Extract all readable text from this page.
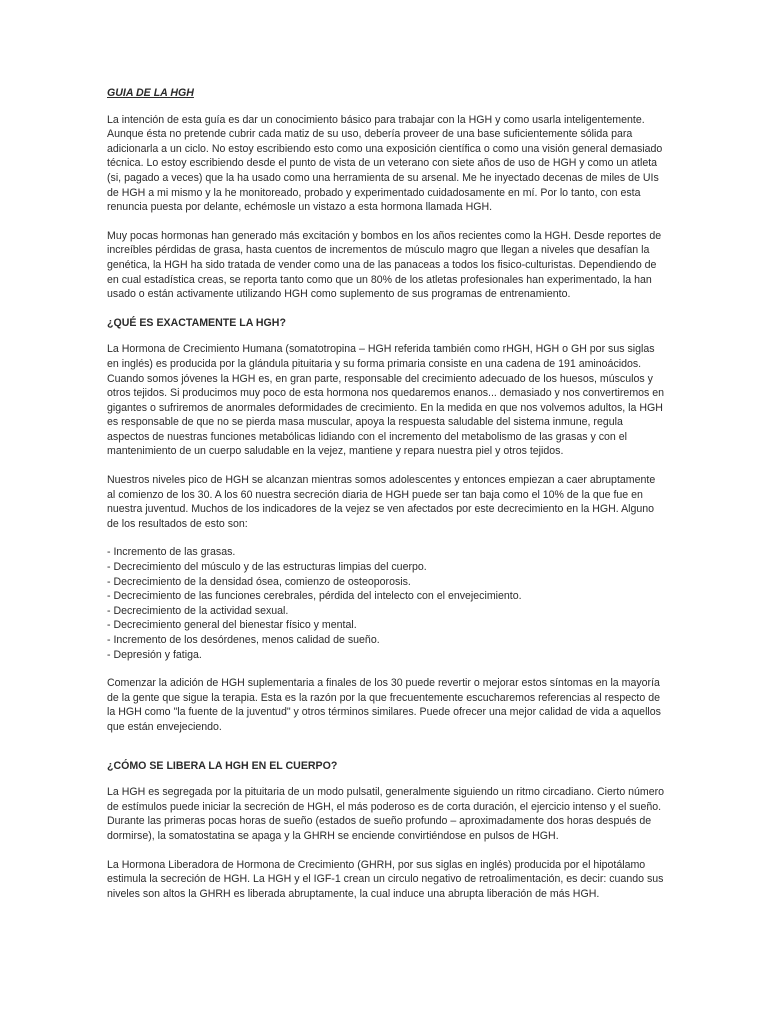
GUIA DE LA HGH

La intención de esta guía es dar un conocimiento básico para trabajar con la HGH y como usarla inteligentemente. Aunque ésta no pretende cubrir cada matiz de su uso, debería proveer de una base suficientemente sólida para adicionarla a un ciclo. No estoy escribiendo esto como una exposición científica o como una visión general demasiado técnica. Lo estoy escribiendo desde el punto de vista de un veterano con siete años de uso de HGH y como un atleta (si, pagado a veces) que la ha usado como una herramienta de su arsenal. Me he inyectado decenas de miles de UIs de HGH a mi mismo y la he monitoreado, probado y experimentado cuidadosamente en mí. Por lo tanto, con esta renuncia puesta por delante, echémosle un vistazo a esta hormona llamada HGH.

Muy pocas hormonas han generado más excitación y bombos en los años recientes como la HGH. Desde reportes de increíbles pérdidas de grasa, hasta cuentos de incrementos de músculo magro que llegan a niveles que desafían la genética, la HGH ha sido tratada de vender como una de las panaceas a todos los fisico-culturistas. Dependiendo de en cual estadística creas, se reporta tanto como que un 80% de los atletas profesionales han experimentado, la han usado o están activamente utilizando HGH como suplemento de sus programas de entrenamiento.

¿QUÉ ES EXACTAMENTE LA HGH?

La Hormona de Crecimiento Humana (somatotropina – HGH referida también como rHGH, HGH o GH por sus siglas en inglés) es producida por la glándula pituitaria y su forma primaria consiste en una cadena de 191 aminoácidos. Cuando somos jóvenes la HGH es, en gran parte, responsable del crecimiento adecuado de los huesos, músculos y otros tejidos. Si producimos muy poco de esta hormona nos quedaremos enanos... demasiado y nos convertiremos en gigantes o sufriremos de anormales deformidades de crecimiento. En la medida en que nos volvemos adultos, la HGH es responsable de que no se pierda masa muscular, apoya la respuesta saludable del sistema inmune, regula aspectos de nuestras funciones metabólicas lidiando con el incremento del metabolismo de las grasas y con el mantenimiento de un cuerpo saludable en la vejez, mantiene y repara nuestra piel y otros tejidos.

Nuestros niveles pico de HGH se alcanzan mientras somos adolescentes y entonces empiezan a caer abruptamente al comienzo de los 30. A los 60 nuestra secreción diaria de HGH puede ser tan baja como el 10% de la que fue en nuestra juventud. Muchos de los indicadores de la vejez se ven afectados por este decrecimiento en la HGH. Alguno de los resultados de esto son:

- Incremento de las grasas.
- Decrecimiento del músculo y de las estructuras limpias del cuerpo.
- Decrecimiento de la densidad ósea, comienzo de osteoporosis.
- Decrecimiento de las funciones cerebrales, pérdida del intelecto con el envejecimiento.
- Decrecimiento de la actividad sexual.
- Decrecimiento general del bienestar físico y mental.
- Incremento de los desórdenes, menos calidad de sueño.
- Depresión y fatiga.

Comenzar la adición de HGH suplementaria a finales de los 30 puede revertir o mejorar estos síntomas en la mayoría de la gente que sigue la terapia. Esta es la razón por la que frecuentemente escucharemos referencias al respecto de la HGH como "la fuente de la juventud" y otros términos similares. Puede ofrecer una mejor calidad de vida a aquellos que están envejeciendo.

¿CÓMO SE LIBERA LA HGH EN EL CUERPO?

La HGH es segregada por la pituitaria de un modo pulsatil, generalmente siguiendo un ritmo circadiano. Cierto número de estímulos puede iniciar la secreción de HGH, el más poderoso es de corta duración, el ejercicio intenso y el sueño. Durante las primeras pocas horas de sueño (estados de sueño profundo – aproximadamente dos horas después de dormirse), la somatostatina se apaga y la GHRH se enciende convirtiéndose en pulsos de HGH.

La Hormona Liberadora de Hormona de Crecimiento (GHRH, por sus siglas en inglés) producida por el hipotálamo estimula la secreción de HGH. La HGH y el IGF-1 crean un circulo negativo de retroalimentación, es decir: cuando sus niveles son altos la GHRH es liberada abruptamente, la cual induce una abrupta liberación de más HGH.
